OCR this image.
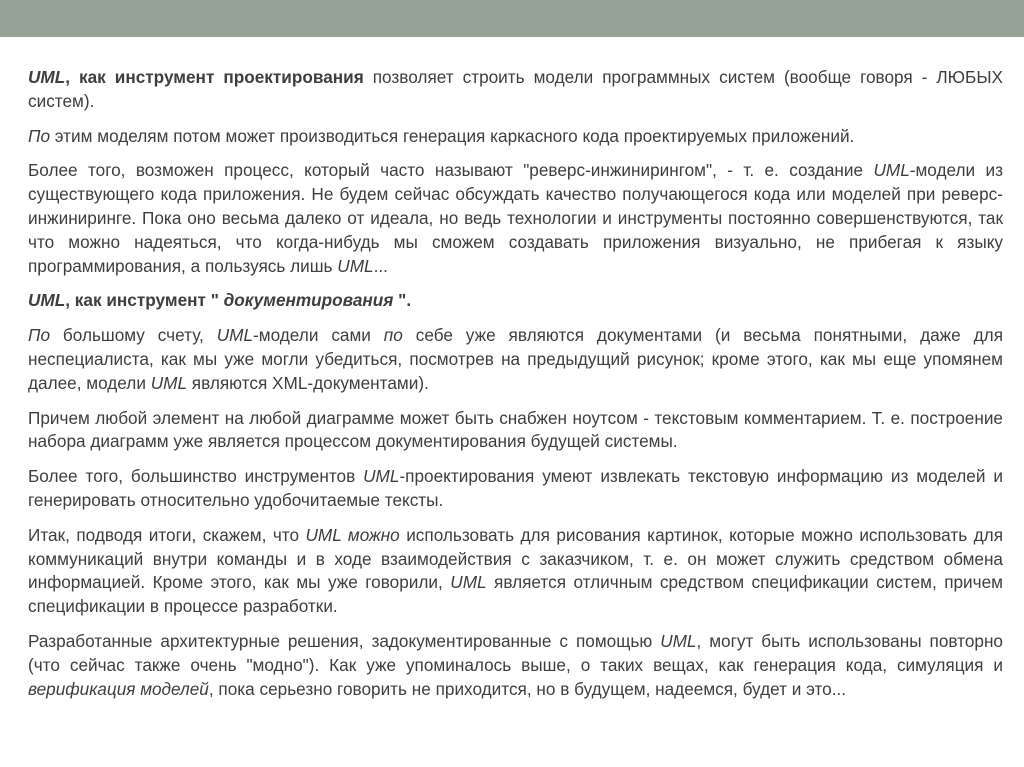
UML, как инструмент проектирования позволяет строить модели программных систем (вообще говоря - ЛЮБЫХ систем).

По этим моделям потом может производиться генерация каркасного кода проектируемых приложений.

Более того, возможен процесс, который часто называют "реверс-инжинирингом", - т. е. создание UML-модели из существующего кода приложения. Не будем сейчас обсуждать качество получающегося кода или моделей при реверс-инжиниринге. Пока оно весьма далеко от идеала, но ведь технологии и инструменты постоянно совершенствуются, так что можно надеяться, что когда-нибудь мы сможем создавать приложения визуально, не прибегая к языку программирования, а пользуясь лишь UML...

UML, как инструмент " документирования ".

По большому счету, UML-модели сами по себе уже являются документами (и весьма понятными, даже для неспециалиста, как мы уже могли убедиться, посмотрев на предыдущий рисунок; кроме этого, как мы еще упомянем далее, модели UML являются XML-документами).

Причем любой элемент на любой диаграмме может быть снабжен ноутсом - текстовым комментарием. Т. е. построение набора диаграмм уже является процессом документирования будущей системы.

Более того, большинство инструментов UML-проектирования умеют извлекать текстовую информацию из моделей и генерировать относительно удобочитаемые тексты.

Итак, подводя итоги, скажем, что UML можно использовать для рисования картинок, которые можно использовать для коммуникаций внутри команды и в ходе взаимодействия с заказчиком, т. е. он может служить средством обмена информацией. Кроме этого, как мы уже говорили, UML является отличным средством спецификации систем, причем спецификации в процессе разработки.

Разработанные архитектурные решения, задокументированные с помощью UML, могут быть использованы повторно (что сейчас также очень "модно"). Как уже упоминалось выше, о таких вещах, как генерация кода, симуляция и верификация моделей, пока серьезно говорить не приходится, но в будущем, надеемся, будет и это...
